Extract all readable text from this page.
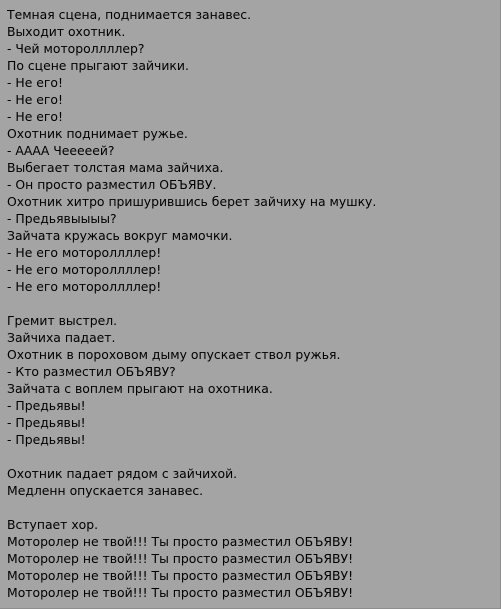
Темная сцена, поднимается занавес.
Выходит охотник.
- Чей мотороллллер?
По сцене прыгают зайчики.
- Не его!
- Не его!
- Не его!
Охотник поднимает ружье.
- АААА Чееееей?
Выбегает толстая мама зайчиха.
- Он просто разместил ОБЪЯВУ.
Охотник хитро пришурившись берет зайчиху на мушку.
- Предьявыыыы?
Зайчата кружась вокруг мамочки.
- Не его мотороллллер!
- Не его мотороллллер!
- Не его мотороллллер!
Гремит выстрел.
Зайчиха падает.
Охотник в пороховом дыму опускает ствол ружья.
- Кто разместил ОБЪЯВУ?
Зайчата с воплем прыгают на охотника.
- Предьявы!
- Предьявы!
- Предьявы!
Охотник падает рядом с зайчихой.
Медленн опускается занавес.
Вступает хор.
Моторолер не твой!!! Ты просто разместил ОБЪЯВУ!
Моторолер не твой!!! Ты просто разместил ОБЪЯВУ!
Моторолер не твой!!! Ты просто разместил ОБЪЯВУ!
Моторолер не твой!!! Ты просто разместил ОБЪЯВУ!
